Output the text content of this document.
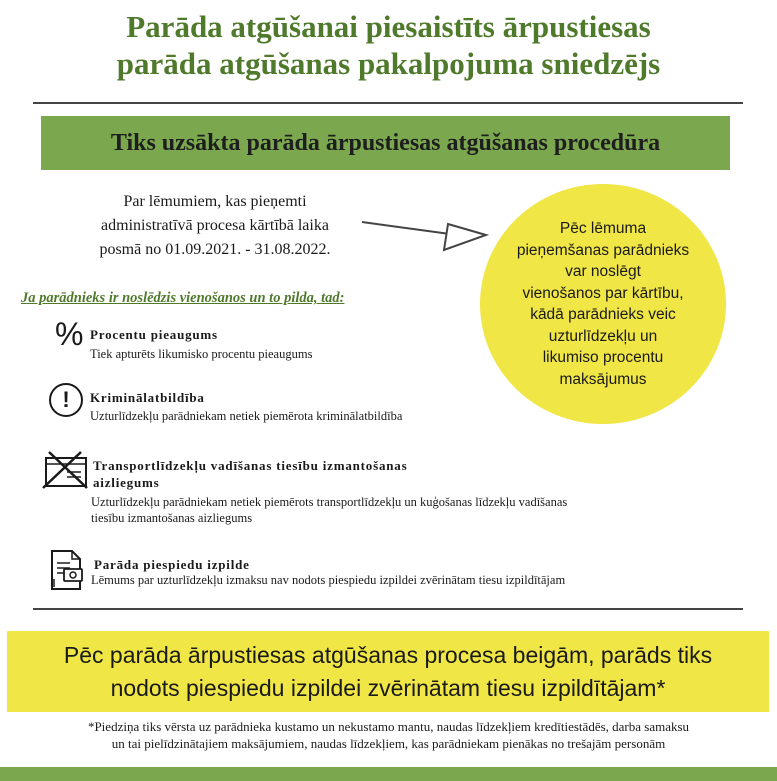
Parāda atgūšanai piesaistīts ārpustiesas
parāda atgūšanas pakalpojuma sniedzējs
Tiks uzsākta parāda ārpustiesas atgūšanas procedūra
Par lēmumiem, kas pieņemti
administratīvā procesa kārtībā laika
posmā no 01.09.2021. - 31.08.2022.
Pēc lēmuma
pieņemšanas parādnieks
var noslēgt
vienošanos par kārtību,
kādā parādnieks veic
uzturlīdzekļu un
likumiso procentu
maksājumus
Ja parādnieks ir noslēdzis vienošanos un to pilda, tad:
% Procentu pieaugums
Tiek apturēts likumisko procentu pieaugums
!	Kriminālatbildība
Uzturlīdzekļu parādniekam netiek piemērota kriminālatbildība
Transportlīdzekļu vadīšanas tiesību izmantošanas
aizliegums
Uzturlīdzekļu parādniekam netiek piemērots transportlīdzekļu un kuģošanas līdzekļu vadīšanas
tiesību izmantošanas aizliegums
Parāda piespiedu izpilde
Lēmums par uzturlīdzekļu izmaksu nav nodots piespiedu izpildei zvērinātam tiesu izpildītājam
Pēc parāda ārpustiesas atgūšanas procesa beigām, parāds tiks
nodots piespiedu izpildei zvērinātam tiesu izpildītājam*
*Piedziņa tiks vērsta uz parādnieka kustamo un nekustamo mantu, naudas līdzekļiem kredītiestādēs, darba samaksu
un tai pielīdzinātajiem maksājumiem, naudas līdzekļiem, kas parādniekam pienākas no trešajām personām
